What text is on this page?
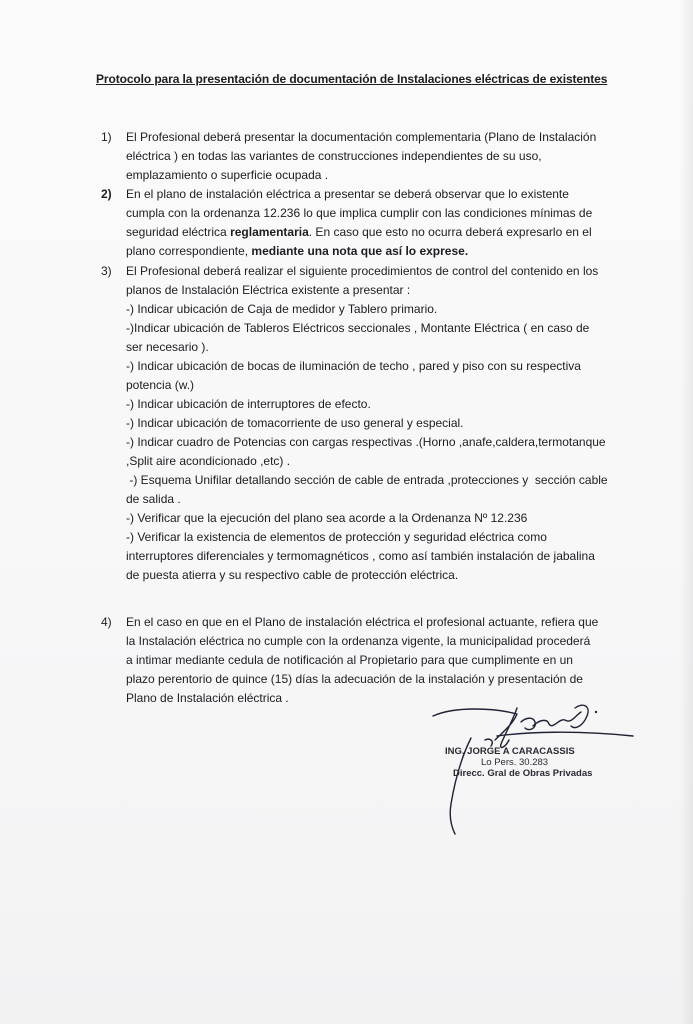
Protocolo para la presentación de documentación de Instalaciones eléctricas de existentes
1)	El Profesional deberá presentar la documentación complementaria (Plano de Instalación

eléctrica ) en todas las variantes de construcciones independientes de su uso,

emplazamiento o superficie ocupada .

2)	En el plano de instalación eléctrica a presentar se deberá observar que lo existente

cumpla con la ordenanza 12.236 lo que implica cumplir con las condiciones mínimas de

seguridad eléctrica reglamentaria. En caso que esto no ocurra deberá expresarlo en el

plano correspondiente, mediante una nota que así lo exprese.

3)	El Profesional deberá realizar el siguiente procedimientos de control del contenido en los

planos de Instalación Eléctrica existente a presentar :

-) Indicar ubicación de Caja de medidor y Tablero primario.

-)Indicar ubicación de Tableros Eléctricos seccionales , Montante Eléctrica ( en caso de

ser necesario ).

-) Indicar ubicación de bocas de iluminación de techo , pared y piso con su respectiva

potencia (w.)

-) Indicar ubicación de interruptores de efecto.

-) Indicar ubicación de tomacorriente de uso general y especial.

-) Indicar cuadro de Potencias con cargas respectivas .(Horno ,anafe,caldera,termotanque

,Split aire acondicionado ,etc) .

-) Esquema Unifilar detallando sección de cable de entrada ,protecciones y  sección cable

de salida .

-) Verificar que la ejecución del plano sea acorde a la Ordenanza Nº 12.236

-) Verificar la existencia de elementos de protección y seguridad eléctrica como

interruptores diferenciales y termomagnéticos , como así también instalación de jabalina

de puesta atierra y su respectivo cable de protección eléctrica.

4)	En el caso en que en el Plano de instalación eléctrica el profesional actuante, refiera que

la Instalación eléctrica no cumple con la ordenanza vigente, la municipalidad procederá

a intimar mediante cedula de notificación al Propietario para que cumplimente en un

plazo perentorio de quince (15) días la adecuación de la instalación y presentación de

Plano de Instalación eléctrica .

ING. JORGE A CARACASSIS
Lo Pers. 30.283
Direcc. Gral de Obras Privadas
